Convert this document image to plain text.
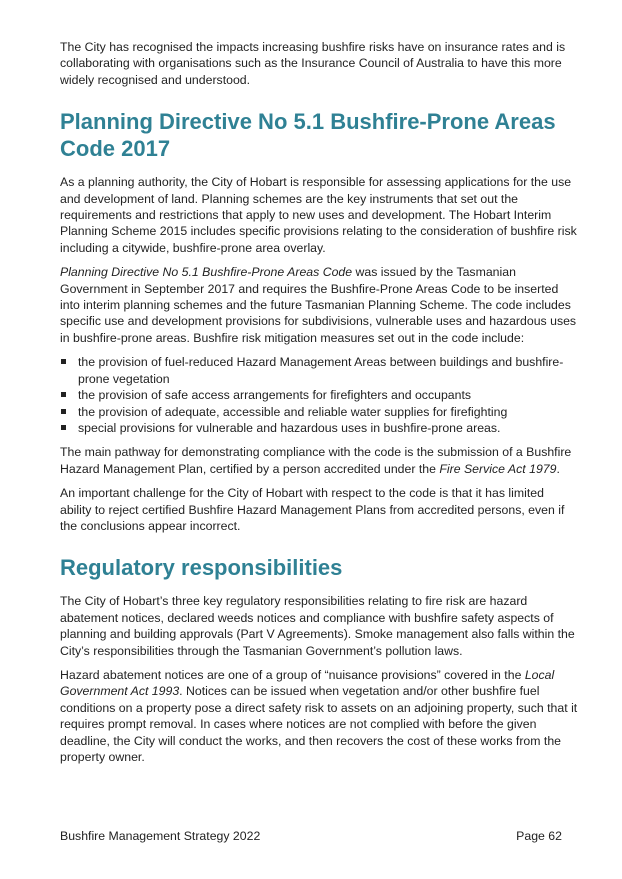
The City has recognised the impacts increasing bushfire risks have on insurance rates and is collaborating with organisations such as the Insurance Council of Australia to have this more widely recognised and understood.

Planning Directive No 5.1 Bushfire-Prone Areas Code 2017

As a planning authority, the City of Hobart is responsible for assessing applications for the use and development of land. Planning schemes are the key instruments that set out the requirements and restrictions that apply to new uses and development. The Hobart Interim Planning Scheme 2015 includes specific provisions relating to the consideration of bushfire risk including a citywide, bushfire-prone area overlay.

Planning Directive No 5.1 Bushfire-Prone Areas Code was issued by the Tasmanian Government in September 2017 and requires the Bushfire-Prone Areas Code to be inserted into interim planning schemes and the future Tasmanian Planning Scheme. The code includes specific use and development provisions for subdivisions, vulnerable uses and hazardous uses in bushfire-prone areas. Bushfire risk mitigation measures set out in the code include:

the provision of fuel-reduced Hazard Management Areas between buildings and bushfire-prone vegetation
the provision of safe access arrangements for firefighters and occupants
the provision of adequate, accessible and reliable water supplies for firefighting
special provisions for vulnerable and hazardous uses in bushfire-prone areas.

The main pathway for demonstrating compliance with the code is the submission of a Bushfire Hazard Management Plan, certified by a person accredited under the Fire Service Act 1979.

An important challenge for the City of Hobart with respect to the code is that it has limited ability to reject certified Bushfire Hazard Management Plans from accredited persons, even if the conclusions appear incorrect.

Regulatory responsibilities

The City of Hobart’s three key regulatory responsibilities relating to fire risk are hazard abatement notices, declared weeds notices and compliance with bushfire safety aspects of planning and building approvals (Part V Agreements). Smoke management also falls within the City’s responsibilities through the Tasmanian Government’s pollution laws.

Hazard abatement notices are one of a group of “nuisance provisions” covered in the Local Government Act 1993. Notices can be issued when vegetation and/or other bushfire fuel conditions on a property pose a direct safety risk to assets on an adjoining property, such that it requires prompt removal. In cases where notices are not complied with before the given deadline, the City will conduct the works, and then recovers the cost of these works from the property owner.

Bushfire Management Strategy 2022	Page 62
